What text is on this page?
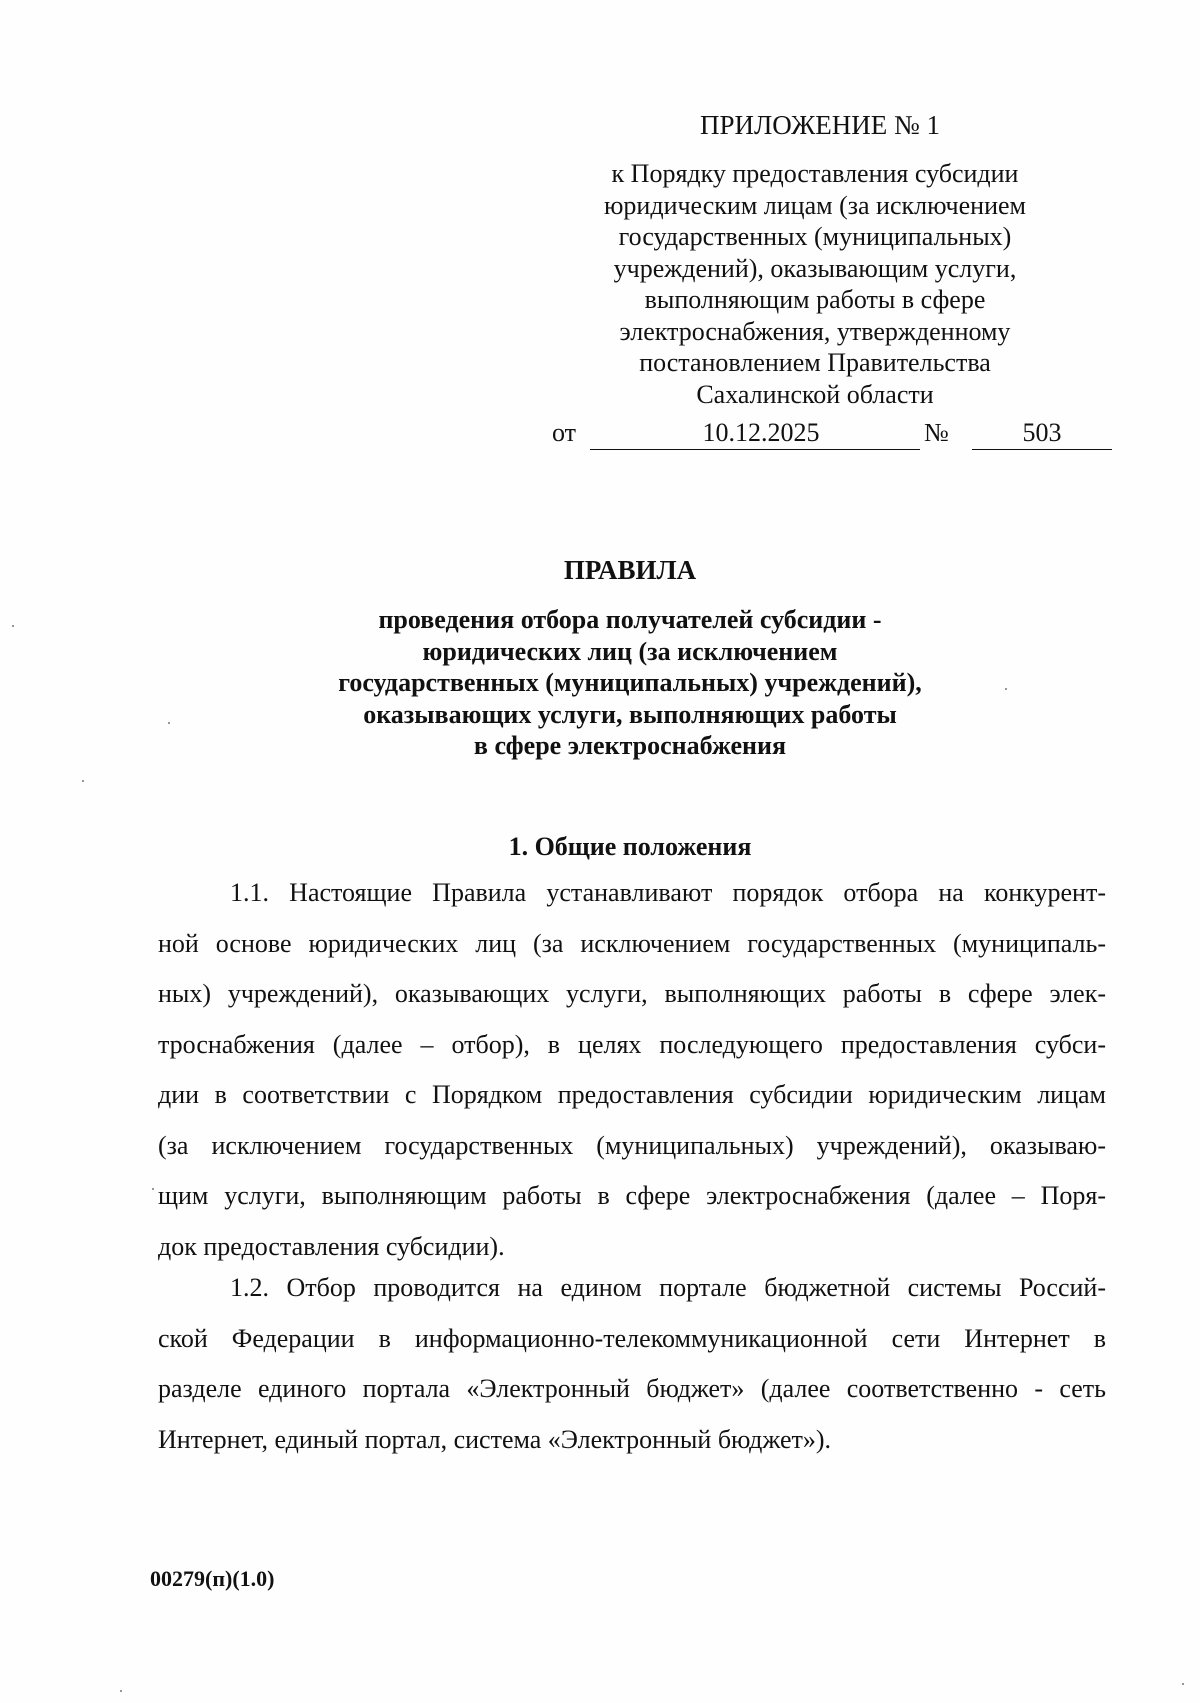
ПРИЛОЖЕНИЕ № 1
к Порядку предоставления субсидии
юридическим лицам (за исключением
государственных (муниципальных)
учреждений), оказывающим услуги,
выполняющим работы в сфере
электроснабжения, утвержденному
постановлением Правительства
Сахалинской области
от	10.12.2025	№	503
ПРАВИЛА
проведения отбора получателей субсидии -
юридических лиц (за исключением
государственных (муниципальных) учреждений),
оказывающих услуги, выполняющих работы
в сфере электроснабжения
1. Общие положения

1.1. Настоящие Правила устанавливают порядок отбора на конкурент-
ной основе юридических лиц (за исключением государственных (муниципаль-
ных) учреждений), оказывающих услуги, выполняющих работы в сфере элек-
троснабжения (далее – отбор), в целях последующего предоставления субси-
дии в соответствии с Порядком предоставления субсидии юридическим лицам
(за исключением государственных (муниципальных) учреждений), оказываю-
щим услуги, выполняющим работы в сфере электроснабжения (далее – Поря-
док предоставления субсидии).

1.2. Отбор проводится на едином портале бюджетной системы Россий-
ской Федерации в информационно-телекоммуникационной сети Интернет в
разделе единого портала «Электронный бюджет» (далее соответственно - сеть
Интернет, единый портал, система «Электронный бюджет»).

00279(п)(1.0)
